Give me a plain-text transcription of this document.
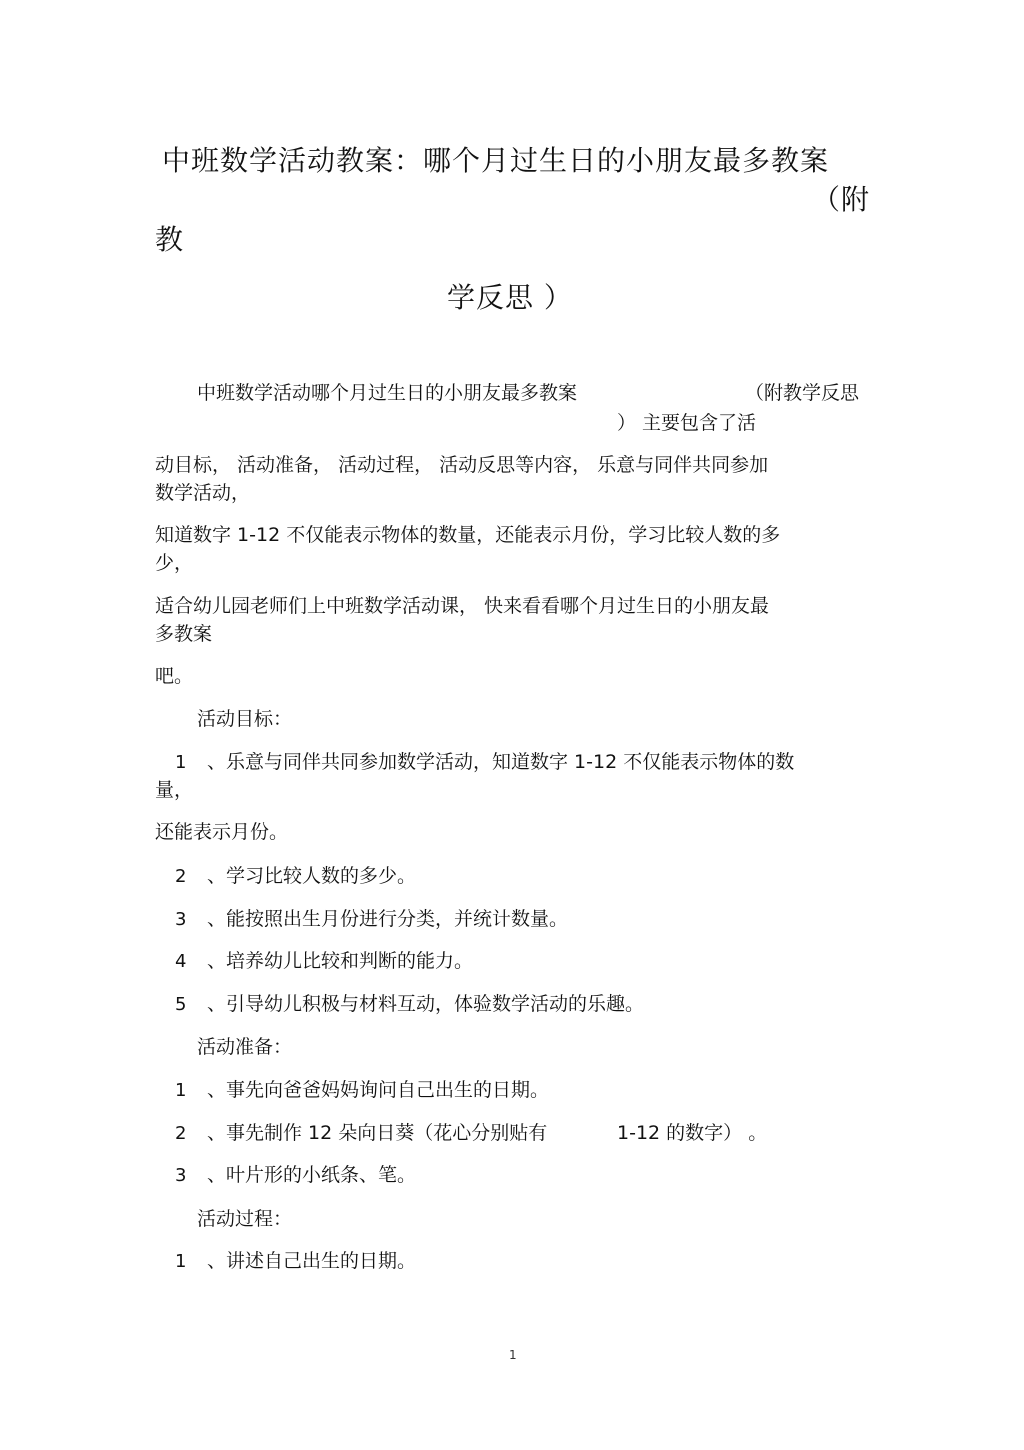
中班数学活动教案：哪个月过生日的小朋友最多教案
（附
教
学反思 ）
中班数学活动哪个月过生日的小朋友最多教案	（附教学反思
） 主要包含了活
动目标， 活动准备， 活动过程， 活动反思等内容， 乐意与同伴共同参加
数学活动，
知道数字 1-12 不仅能表示物体的数量，还能表示月份，学习比较人数的多
少，
适合幼儿园老师们上中班数学活动课， 快来看看哪个月过生日的小朋友最
多教案
吧。
活动目标：
1 、乐意与同伴共同参加数学活动，知道数字 1-12 不仅能表示物体的数
量，
还能表示月份。
2 、学习比较人数的多少。
3 、能按照出生月份进行分类，并统计数量。
4 、培养幼儿比较和判断的能力。
5 、引导幼儿积极与材料互动，体验数学活动的乐趣。
活动准备：
1 、事先向爸爸妈妈询问自己出生的日期。
2 、事先制作 12 朵向日葵（花心分别贴有	1-12 的数字） 。
3 、叶片形的小纸条、笔。
活动过程：
1 、讲述自己出生的日期。
1
